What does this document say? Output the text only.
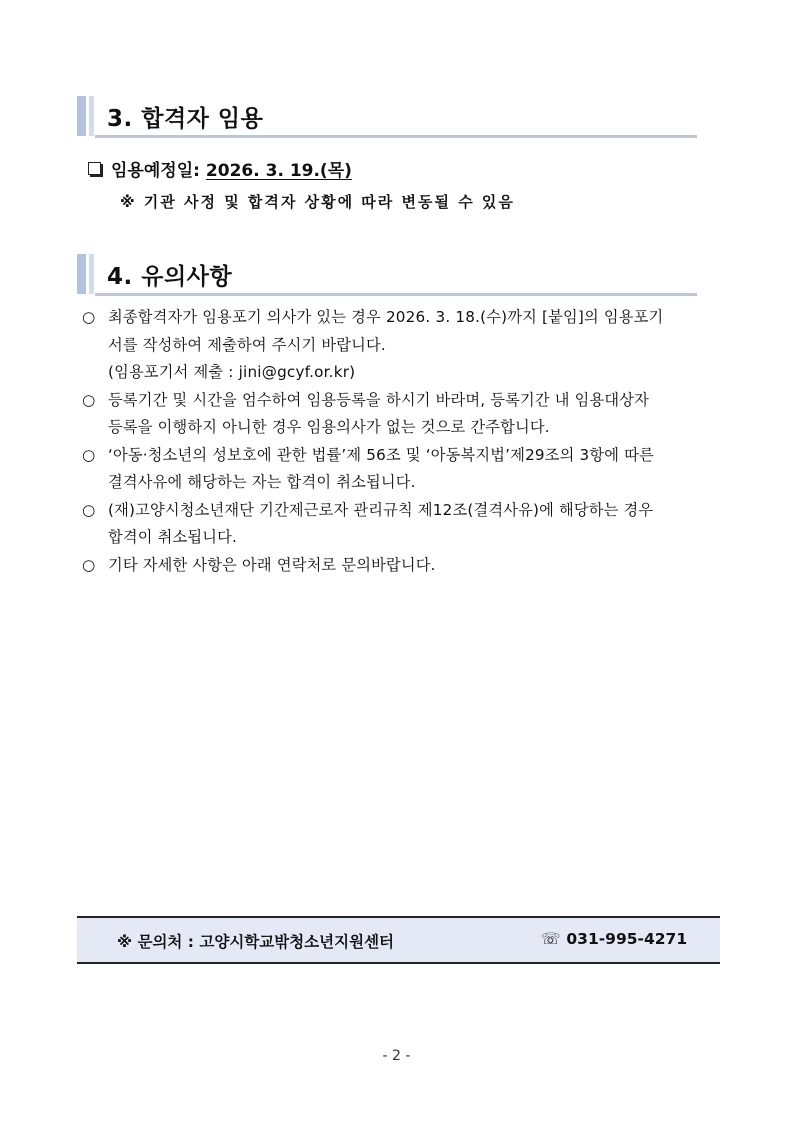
3. 합격자 임용
임용예정일: 2026. 3. 19.(목)
※ 기관 사정 및 합격자 상황에 따라 변동될 수 있음
4. 유의사항
○ 최종합격자가 임용포기 의사가 있는 경우 2026. 3. 18.(수)까지 [붙임]의 임용포기
서를 작성하여 제출하여 주시기 바랍니다.
(임용포기서 제출 : jini@gcyf.or.kr)
○ 등록기간 및 시간을 엄수하여 임용등록을 하시기 바라며, 등록기간 내 임용대상자
등록을 이행하지 아니한 경우 임용의사가 없는 것으로 간주합니다.
○ ‘아동·청소년의 성보호에 관한 법률’제 56조 및 ‘아동복지법’제29조의 3항에 따른
결격사유에 해당하는 자는 합격이 취소됩니다.
○ (재)고양시청소년재단 기간제근로자 관리규칙 제12조(결격사유)에 해당하는 경우
합격이 취소됩니다.
○ 기타 자세한 사항은 아래 연락처로 문의바랍니다.
※ 문의처 : 고양시학교밖청소년지원센터	☏ 031-995-4271
- 2 -
